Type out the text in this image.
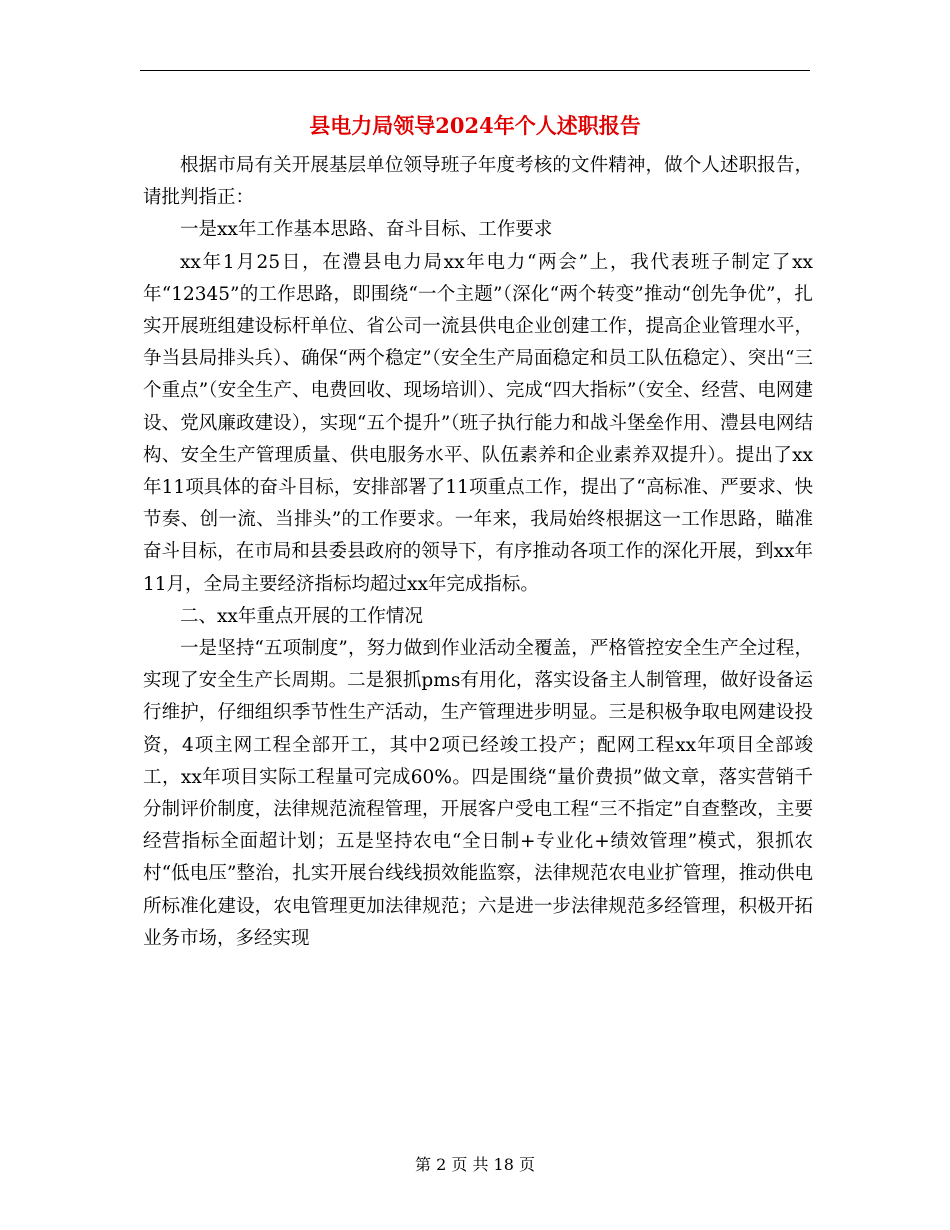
县电力局领导2024年个人述职报告

根据市局有关开展基层单位领导班子年度考核的文件精神，做个人述职报告，请批判指正：

一是xx年工作基本思路、奋斗目标、工作要求

xx年1月25日，在澧县电力局xx年电力“两会”上，我代表班子制定了xx年“12345”的工作思路，即围绕“一个主题”（深化“两个转变”推动“创先争优”，扎实开展班组建设标杆单位、省公司一流县供电企业创建工作，提高企业管理水平，争当县局排头兵）、确保“两个稳定”（安全生产局面稳定和员工队伍稳定）、突出“三个重点”（安全生产、电费回收、现场培训）、完成“四大指标”（安全、经营、电网建设、党风廉政建设），实现“五个提升”（班子执行能力和战斗堡垒作用、澧县电网结构、安全生产管理质量、供电服务水平、队伍素养和企业素养双提升）。提出了xx年11项具体的奋斗目标，安排部署了11项重点工作，提出了“高标准、严要求、快节奏、创一流、当排头”的工作要求。一年来，我局始终根据这一工作思路，瞄准奋斗目标，在市局和县委县政府的领导下，有序推动各项工作的深化开展，到xx年11月，全局主要经济指标均超过xx年完成指标。

二、xx年重点开展的工作情况

一是坚持“五项制度”，努力做到作业活动全覆盖，严格管控安全生产全过程，实现了安全生产长周期。二是狠抓pms有用化，落实设备主人制管理，做好设备运行维护，仔细组织季节性生产活动，生产管理进步明显。三是积极争取电网建设投资，4项主网工程全部开工，其中2项已经竣工投产；配网工程xx年项目全部竣工，xx年项目实际工程量可完成60%。四是围绕“量价费损”做文章，落实营销千分制评价制度，法律规范流程管理，开展客户受电工程“三不指定”自查整改，主要经营指标全面超计划；五是坚持农电“全日制+专业化+绩效管理”模式，狠抓农村“低电压”整治，扎实开展台线线损效能监察，法律规范农电业扩管理，推动供电所标准化建设，农电管理更加法律规范；六是进一步法律规范多经管理，积极开拓业务市场，多经实现

第 2 页 共 18 页
